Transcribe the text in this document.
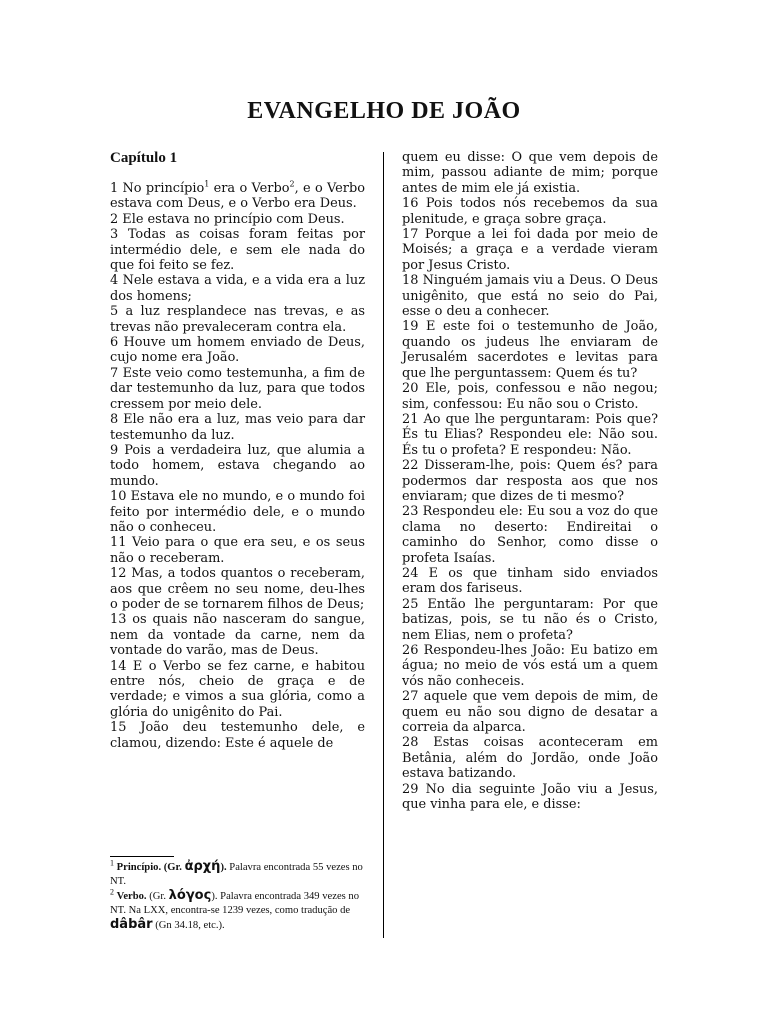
EVANGELHO DE JOÃO

Capítulo 1

1 No princípio$^1$ era o Verbo$^2$, e o Verbo estava com Deus, e o Verbo era Deus.

2 Ele estava no princípio com Deus.

3 Todas as coisas foram feitas por intermédio dele, e sem ele nada do que foi feito se fez.

4 Nele estava a vida, e a vida era a luz dos homens;

5 a luz resplandece nas trevas, e as trevas não prevaleceram contra ela.

6 Houve um homem enviado de Deus, cujo nome era João.

7 Este veio como testemunha, a fim de dar testemunho da luz, para que todos cressem por meio dele.

8 Ele não era a luz, mas veio para dar testemunho da luz.

9 Pois a verdadeira luz, que alumia a todo homem, estava chegando ao mundo.

10 Estava ele no mundo, e o mundo foi feito por intermédio dele, e o mundo não o conheceu.

11 Veio para o que era seu, e os seus não o receberam.

12 Mas, a todos quantos o receberam, aos que crêem no seu nome, deu-lhes o poder de se tornarem filhos de Deus;

13 os quais não nasceram do sangue, nem da vontade da carne, nem da vontade do varão, mas de Deus.

14 E o Verbo se fez carne, e habitou entre nós, cheio de graça e de verdade; e vimos a sua glória, como a glória do unigênito do Pai.

15 João deu testemunho dele, e clamou, dizendo: Este é aquele de

quem eu disse: O que vem depois de mim, passou adiante de mim; porque antes de mim ele já existia.

16 Pois todos nós recebemos da sua plenitude, e graça sobre graça.

17 Porque a lei foi dada por meio de Moisés; a graça e a verdade vieram por Jesus Cristo.

18 Ninguém jamais viu a Deus. O Deus unigênito, que está no seio do Pai, esse o deu a conhecer.

19 E este foi o testemunho de João, quando os judeus lhe enviaram de Jerusalém sacerdotes e levitas para que lhe perguntassem: Quem és tu?

20 Ele, pois, confessou e não negou; sim, confessou: Eu não sou o Cristo.

21 Ao que lhe perguntaram: Pois que? És tu Elias? Respondeu ele: Não sou. És tu o profeta? E respondeu: Não.

22 Disseram-lhe, pois: Quem és? para podermos dar resposta aos que nos enviaram; que dizes de ti mesmo?

23 Respondeu ele: Eu sou a voz do que clama no deserto: Endireitai o caminho do Senhor, como disse o profeta Isaías.

24 E os que tinham sido enviados eram dos fariseus.

25 Então lhe perguntaram: Por que batizas, pois, se tu não és o Cristo, nem Elias, nem o profeta?

26 Respondeu-lhes João: Eu batizo em água; no meio de vós está um a quem vós não conheceis.

27 aquele que vem depois de mim, de quem eu não sou digno de desatar a correia da alparca.

28 Estas coisas aconteceram em Betânia, além do Jordão, onde João estava batizando.

29 No dia seguinte João viu a Jesus, que vinha para ele, e disse:

$^1$ Princípio. (Gr. ἀρχή). Palavra encontrada 55 vezes no NT.

$^2$ Verbo. (Gr. λόγος). Palavra encontrada 349 vezes no NT. Na LXX, encontra-se 1239 vezes, como tradução de dâbâr (Gn 34.18, etc.).
